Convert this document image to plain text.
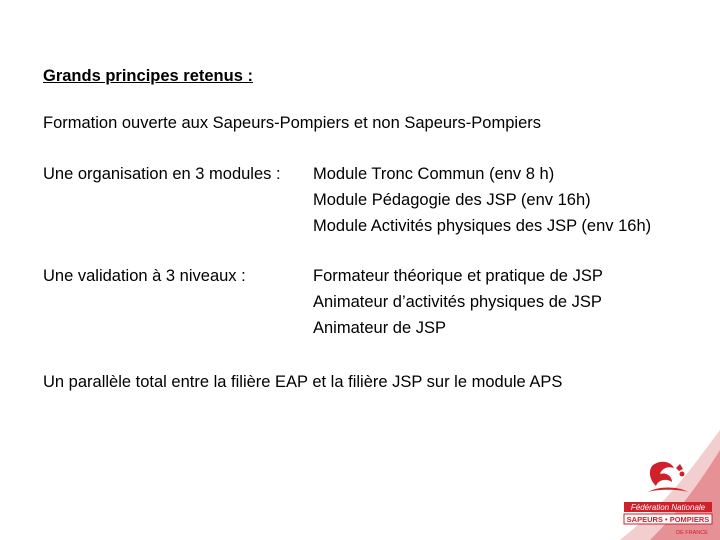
Grands principes retenus :
Formation ouverte aux Sapeurs-Pompiers et non Sapeurs-Pompiers
Une organisation en 3 modules : Module Tronc Commun (env 8 h)
Module Pédagogie des JSP (env 16h)
Module Activités physiques des JSP (env 16h)
Une validation à 3 niveaux :	Formateur théorique et pratique de JSP
Animateur d’activités physiques de JSP
Animateur de JSP
Un parallèle total entre la filière EAP et la filière JSP sur le module APS
Fédération Nationale
SAPEURS • POMPIERS
DE FRANCE
